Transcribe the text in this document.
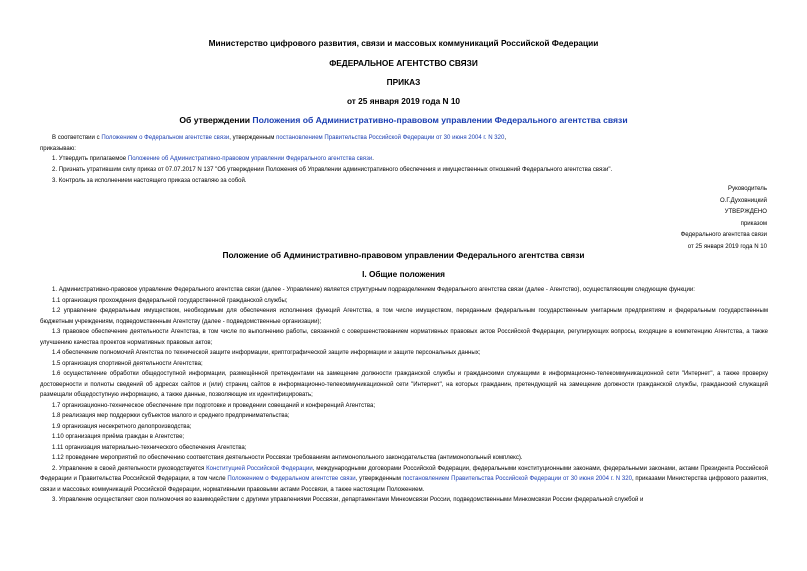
Министерство цифрового развития, связи и массовых коммуникаций Российской Федерации
ФЕДЕРАЛЬНОЕ АГЕНТСТВО СВЯЗИ
ПРИКАЗ
от 25 января 2019 года N 10
Об утверждении Положения об Административно-правовом управлении Федерального агентства связи
В соответствии с Положением о Федеральном агентстве связи, утвержденным постановлением Правительства Российской Федерации от 30 июня 2004 г. N 320,
приказываю:
1. Утвердить прилагаемое Положение об Административно-правовом управлении Федерального агентства связи.
2. Признать утратившим силу приказ от 07.07.2017 N 137 "Об утверждении Положения об Управлении административного обеспечения и имущественных отношений Федерального агентства связи".
3. Контроль за исполнением настоящего приказа оставляю за собой.
Руководитель
О.Г.Духовницкий
УТВЕРЖДЕНО
приказом
Федерального агентства связи
от 25 января 2019 года N 10
Положение об Административно-правовом управлении Федерального агентства связи
I. Общие положения
1. Административно-правовое управление Федерального агентства связи (далее - Управление) является структурным подразделением Федерального агентства связи (далее - Агентство), осуществляющим следующие функции:
1.1 организация прохождения федеральной государственной гражданской службы;
1.2 управление федеральным имуществом, необходимым для обеспечения исполнения функций Агентства, в том числе имуществом, переданным федеральным государственным унитарным предприятиям и федеральным государственным бюджетным учреждениям, подведомственным Агентству (далее - подведомственные организации);
1.3 правовое обеспечение деятельности Агентства, в том числе по выполнению работы, связанной с совершенствованием нормативных правовых актов Российской Федерации, регулирующих вопросы, входящие в компетенцию Агентства, а также улучшению качества проектов нормативных правовых актов;
1.4 обеспечение полномочий Агентства по технической защите информации, криптографической защите информации и защите персональных данных;
1.5 организация спортивной деятельности Агентства;
1.6 осуществление обработки общедоступной информации, размещённой претендентами на замещение должности гражданской службы и гражданскими служащими в информационно-телекоммуникационной сети "Интернет", а также проверку достоверности и полноты сведений об адресах сайтов и (или) страниц сайтов в информационно-телекоммуникационной сети "Интернет", на которых гражданин, претендующий на замещение должности гражданской службы, гражданский служащий размещали общедоступную информацию, а также данные, позволяющие их идентифицировать;
1.7 организационно-техническое обеспечение при подготовке и проведении совещаний и конференций Агентства;
1.8 реализация мер поддержки субъектов малого и среднего предпринимательства;
1.9 организация несекретного делопроизводства;
1.10 организация приёма граждан в Агентстве;
1.11 организация материально-технического обеспечения Агентства;
1.12 проведение мероприятий по обеспечению соответствия деятельности Россвязи требованиям антимонопольного законодательства (антимонопольный комплекс).
2. Управление в своей деятельности руководствуется Конституцией Российской Федерации, международными договорами Российской Федерации, федеральными конституционными законами, федеральными законами, актами Президента Российской Федерации и Правительства Российской Федерации, в том числе Положением о Федеральном агентстве связи, утвержденным постановлением Правительства Российской Федерации от 30 июня 2004 г. N 320, приказами Министерства цифрового развития, связи и массовых коммуникаций Российской Федерации, нормативными правовыми актами Россвязи, а также настоящим Положением.
3. Управление осуществляет свои полномочия во взаимодействии с другими управлениями Россвязи, департаментами Минкомсвязи России, подведомственными Минкомсвязи России федеральной службой и
